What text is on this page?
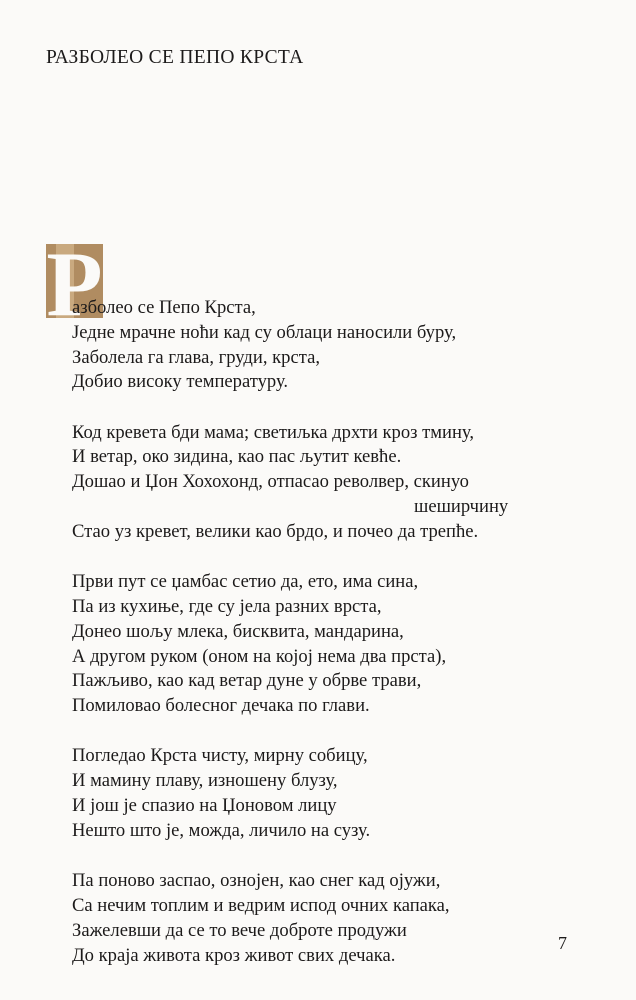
РАЗБОЛЕО СЕ ПЕПО КРСТА
Р
азболео се Пепо Крста,
Једне мрачне ноћи кад су облаци наносили буру,
Заболела га глава, груди, крста,
Добио високу температуру.
Код кревета бди мама; светиљка дрхти кроз тмину,
И ветар, око зидина, као пас љутит кевће.
Дошао и Џон Хохохонд, отпасао револвер, скинуо
шеширчину
Стао уз кревет, велики као брдо, и почео да трепће.
Први пут се џамбас сетио да, ето, има сина,
Па из кухиње, где су јела разних врста,
Донео шољу млека, бисквита, мандарина,
А другом руком (оном на којој нема два прста),
Пажљиво, као кад ветар дуне у обрве трави,
Помиловао болесног дечака по глави.
Погледао Крста чисту, мирну собицу,
И мамину плаву, изношену блузу,
И још је спазио на Џоновом лицу
Нешто што је, можда, личило на сузу.
Па поново заспао, ознојен, као снег кад ојужи,
Са нечим топлим и ведрим испод очних капака,
Зажелевши да се то вече доброте продужи
До краја живота кроз живот свих дечака.
7
